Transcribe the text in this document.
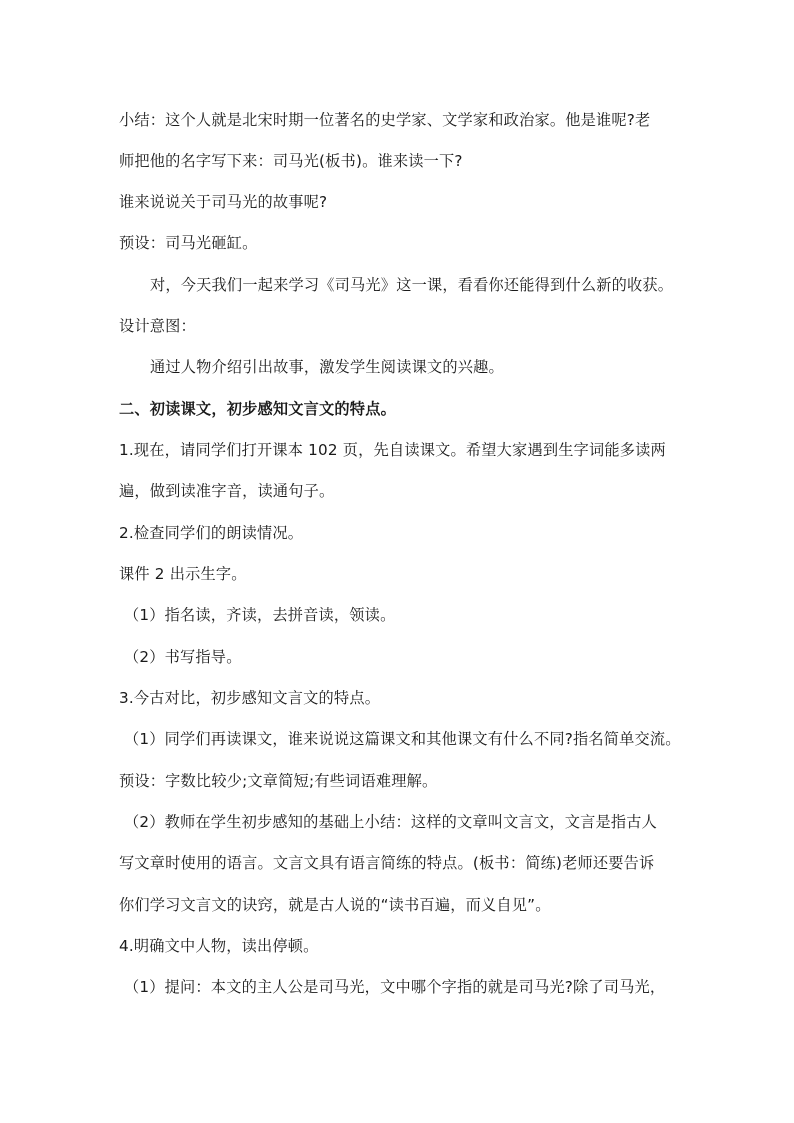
小结：这个人就是北宋时期一位著名的史学家、文学家和政治家。他是谁呢?老
师把他的名字写下来：司马光(板书)。谁来读一下?
谁来说说关于司马光的故事呢?
预设：司马光砸缸。
对，今天我们一起来学习《司马光》这一课，看看你还能得到什么新的收获。
设计意图：
通过人物介绍引出故事，激发学生阅读课文的兴趣。
二、初读课文，初步感知文言文的特点。
1.现在，请同学们打开课本 102 页，先自读课文。希望大家遇到生字词能多读两
遍，做到读准字音，读通句子。
2.检查同学们的朗读情况。
课件 2 出示生字。
（1）指名读，齐读，去拼音读，领读。
（2）书写指导。
3.今古对比，初步感知文言文的特点。
（1）同学们再读课文，谁来说说这篇课文和其他课文有什么不同?指名简单交流。
预设：字数比较少;文章简短;有些词语难理解。
（2）教师在学生初步感知的基础上小结：这样的文章叫文言文，文言是指古人
写文章时使用的语言。文言文具有语言简练的特点。(板书：简练)老师还要告诉
你们学习文言文的诀窍，就是古人说的“读书百遍，而义自见”。
4.明确文中人物，读出停顿。
（1）提问：本文的主人公是司马光，文中哪个字指的就是司马光?除了司马光，
